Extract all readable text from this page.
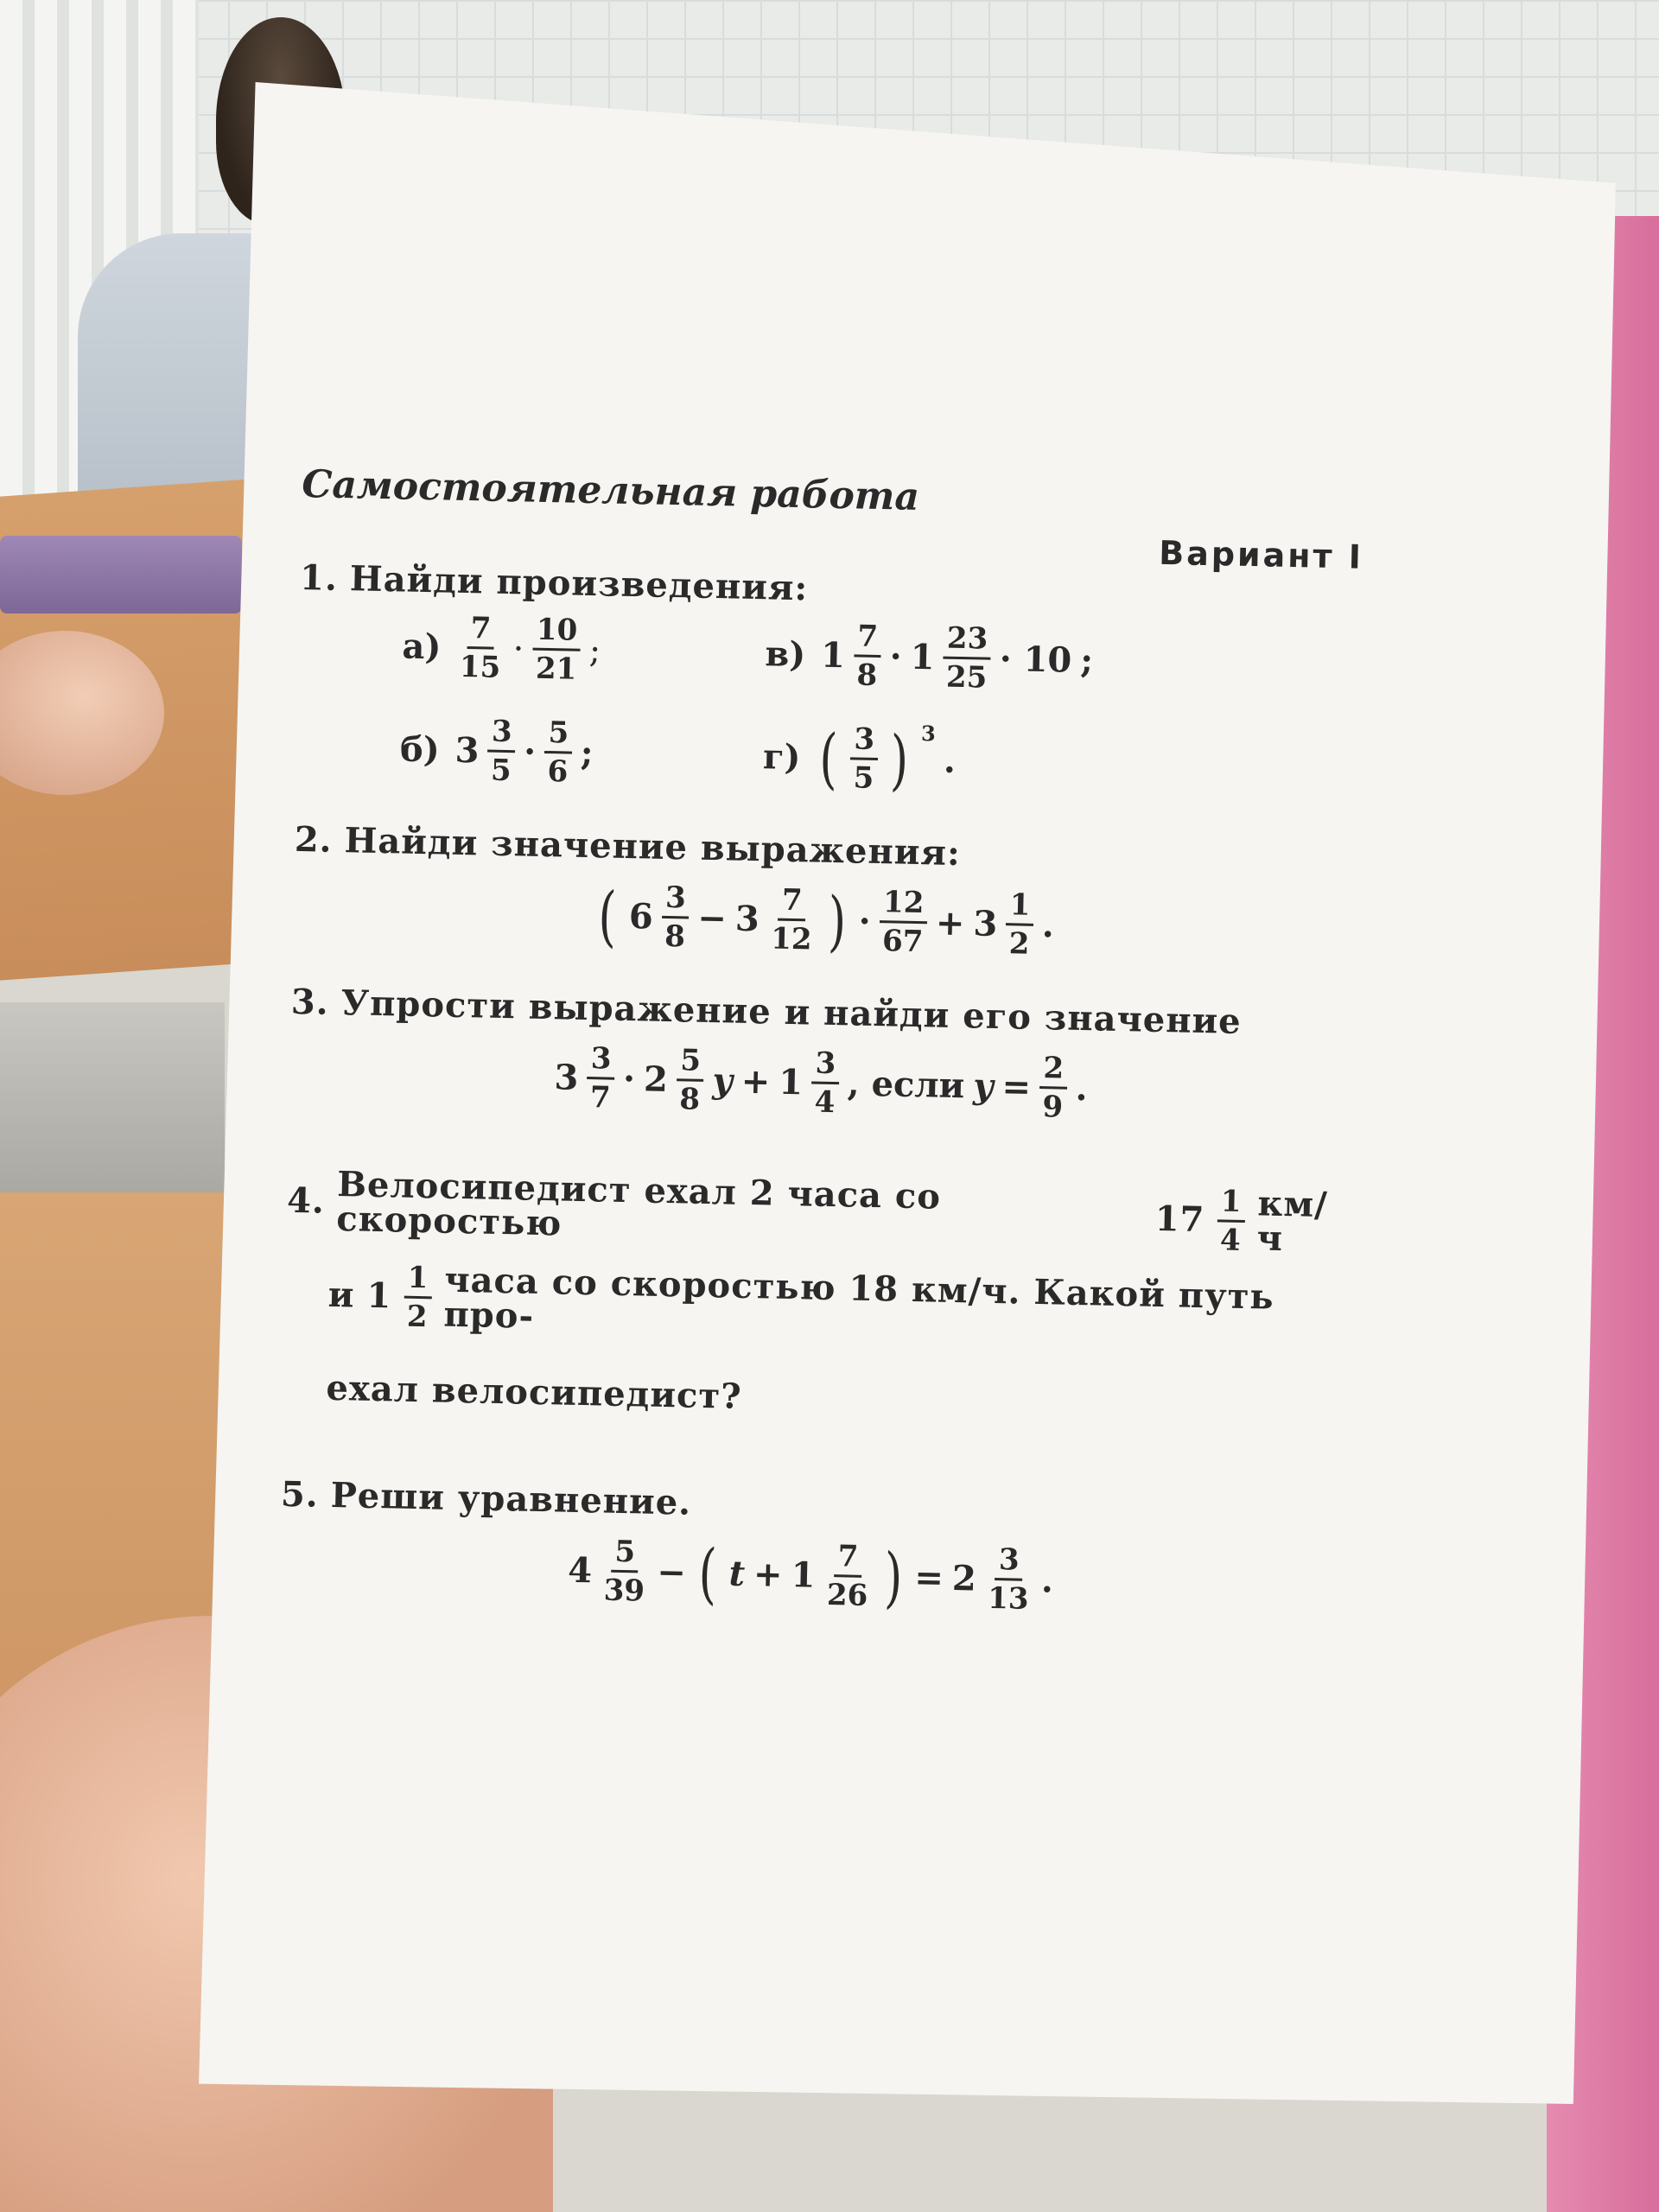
Самостоятельная работа
Вариант I
1. Найди произведения:
$а) \frac{7}{15} \cdot \frac{10}{21}$ ;	в) $1 \frac{7}{8} \cdot 1 \frac{23}{25} \cdot 10$ ;
б) $3 \frac{3}{5} \cdot \frac{5}{6}$ ;	г) ( $\frac{3}{5}$ ) 3
.
2. Найди значение выражения:
( $6 \frac{3}{8} - 3 \frac{7}{12}$ ) · $\frac{12}{67} + 3 \frac{1}{2}$ .
3. Упрости выражение и найди его значение
$3 \frac{3}{7} \cdot 2 \frac{5}{8}$ $y + 1 \frac{3}{4}$ , если $y = \frac{2}{9}$ .
4. Велосипедист ехал 2 часа со скоростью	$17 \frac{1}{4} км/ч$
и $1 \frac{1}{2}$ часа со скоростью 18 км/ч. Какой путь про-
ехал велосипедист?
5. Реши уравнение.
$4 \frac{5}{39}$ − ( $t + 1 \frac{7}{26}$ ) = $2 \frac{3}{13}$ .
